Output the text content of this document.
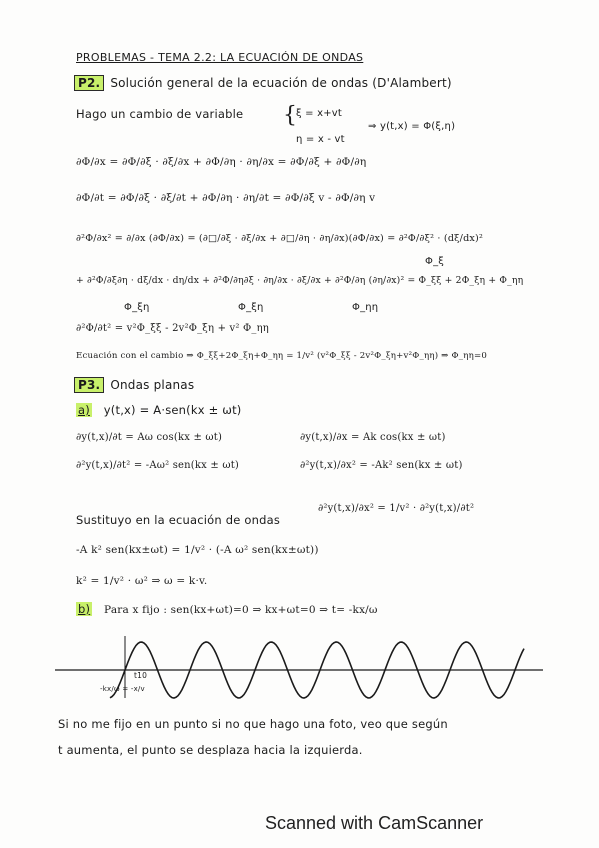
PROBLEMAS - TEMA 2.2: LA ECUACIÓN DE ONDAS
P2. Solución general de la ecuación de ondas (D'Alambert)
Hago un cambio de variable {
ξ = x+vt
η = x - vt
⇒ y(t,x) = Φ(ξ,η)
∂Φ/∂x = ∂Φ/∂ξ · ∂ξ/∂x + ∂Φ/∂η · ∂η/∂x = ∂Φ/∂ξ + ∂Φ/∂η
∂Φ/∂t = ∂Φ/∂ξ · ∂ξ/∂t + ∂Φ/∂η · ∂η/∂t = ∂Φ/∂ξ v - ∂Φ/∂η v
∂²Φ/∂x² = ∂/∂x (∂Φ/∂x) = (∂□/∂ξ · ∂ξ/∂x + ∂□/∂η · ∂η/∂x)(∂Φ/∂x) = ∂²Φ/∂ξ² · (dξ/dx)²
Φ_ξ
+ ∂²Φ/∂ξ∂η · dξ/dx · dη/dx + ∂²Φ/∂η∂ξ · ∂η/∂x · ∂ξ/∂x + ∂²Φ/∂η (∂η/∂x)² = Φ_ξξ + 2Φ_ξη + Φ_ηη
Φ_ξη	Φ_ξη	Φ_ηη
∂²Φ/∂t² = v²Φ_ξξ - 2v²Φ_ξη + v² Φ_ηη
Ecuación con el cambio ⇒ Φ_ξξ+2Φ_ξη+Φ_ηη = 1/v² (v²Φ_ξξ - 2v²Φ_ξη+v²Φ_ηη) ⇒ Φ_ηη=0
P3. Ondas planas
a) y(t,x) = A·sen(kx ± ωt)
∂y(t,x)/∂t = Aω cos(kx ± ωt)	∂y(t,x)/∂x = Ak cos(kx ± ωt)
∂²y(t,x)/∂t² = -Aω² sen(kx ± ωt)	∂²y(t,x)/∂x² = -Ak² sen(kx ± ωt)
Sustituyo en la ecuación de ondas
∂²y(t,x)/∂x² = 1/v² · ∂²y(t,x)/∂t²
-A k² sen(kx±ωt) = 1/v² · (-A ω² sen(kx±ωt))
k² = 1/v² · ω² ⇒ ω = k·v.
b) Para x fijo : sen(kx+ωt)=0 ⇒ kx+ωt=0 ⇒ t= -kx/ω
t10
-kx/ω = -x/v
Si no me fijo en un punto si no que hago una foto, veo que según
t aumenta, el punto se desplaza hacia la izquierda.
Scanned with CamScanner
